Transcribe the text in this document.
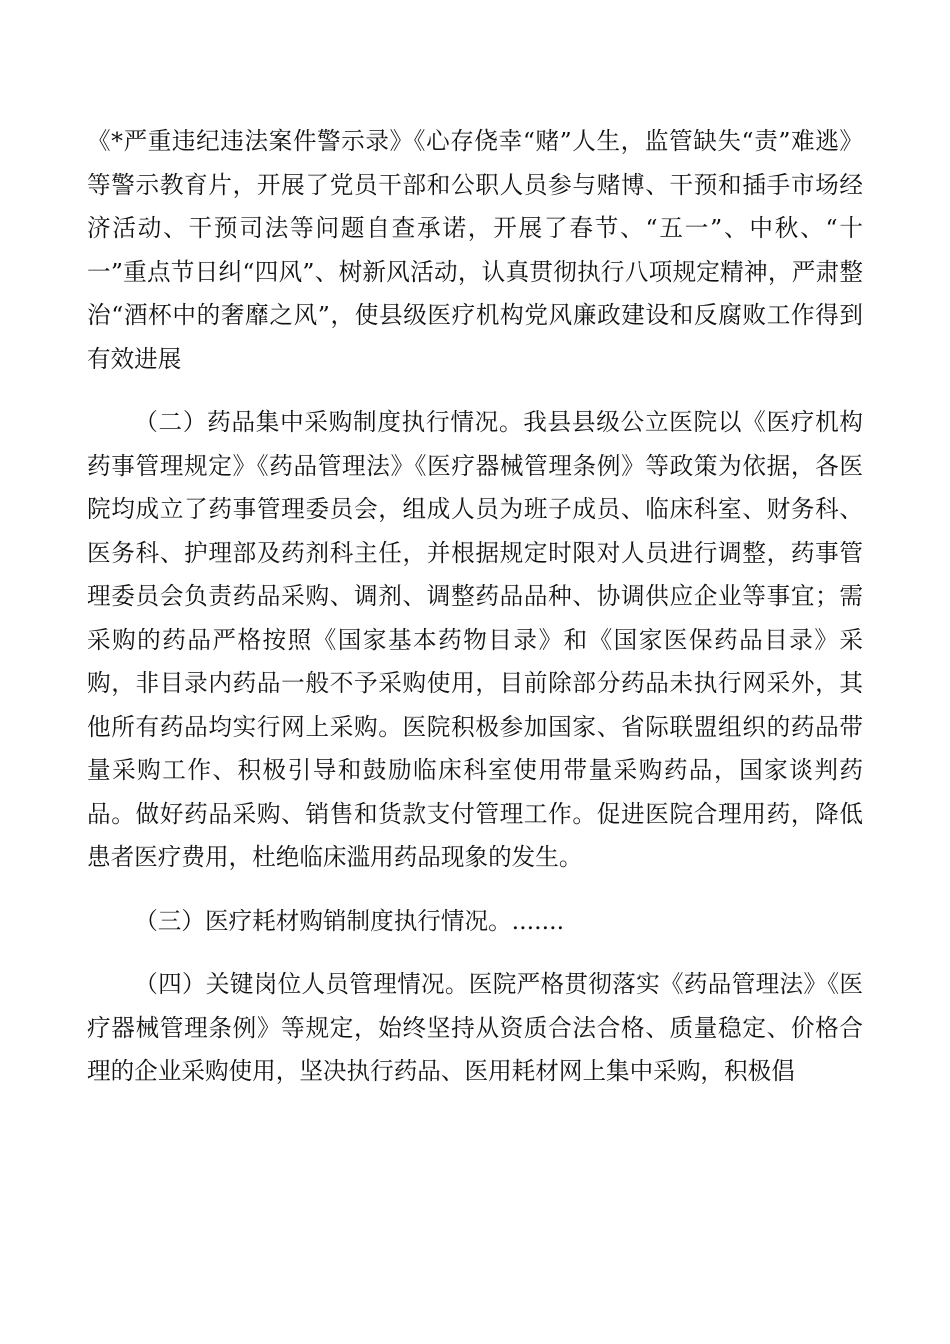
《*严重违纪违法案件警示录》《心存侥幸“赌”人生，监管缺失“责”难逃》等警示教育片，开展了党员干部和公职人员参与赌博、干预和插手市场经济活动、干预司法等问题自查承诺，开展了春节、“五一”、中秋、“十一”重点节日纠“四风”、树新风活动，认真贯彻执行八项规定精神，严肃整治“酒杯中的奢靡之风”，使县级医疗机构党风廉政建设和反腐败工作得到有效进展

（二）药品集中采购制度执行情况。我县县级公立医院以《医疗机构药事管理规定》《药品管理法》《医疗器械管理条例》等政策为依据，各医院均成立了药事管理委员会，组成人员为班子成员、临床科室、财务科、医务科、护理部及药剂科主任，并根据规定时限对人员进行调整，药事管理委员会负责药品采购、调剂、调整药品品种、协调供应企业等事宜；需采购的药品严格按照《国家基本药物目录》和《国家医保药品目录》采购，非目录内药品一般不予采购使用，目前除部分药品未执行网采外，其他所有药品均实行网上采购。医院积极参加国家、省际联盟组织的药品带量采购工作、积极引导和鼓励临床科室使用带量采购药品，国家谈判药品。做好药品采购、销售和货款支付管理工作。促进医院合理用药，降低患者医疗费用，杜绝临床滥用药品现象的发生。

（三）医疗耗材购销制度执行情况。.......

（四）关键岗位人员管理情况。医院严格贯彻落实《药品管理法》《医疗器械管理条例》等规定，始终坚持从资质合法合格、质量稳定、价格合理的企业采购使用，坚决执行药品、医用耗材网上集中采购，积极倡
